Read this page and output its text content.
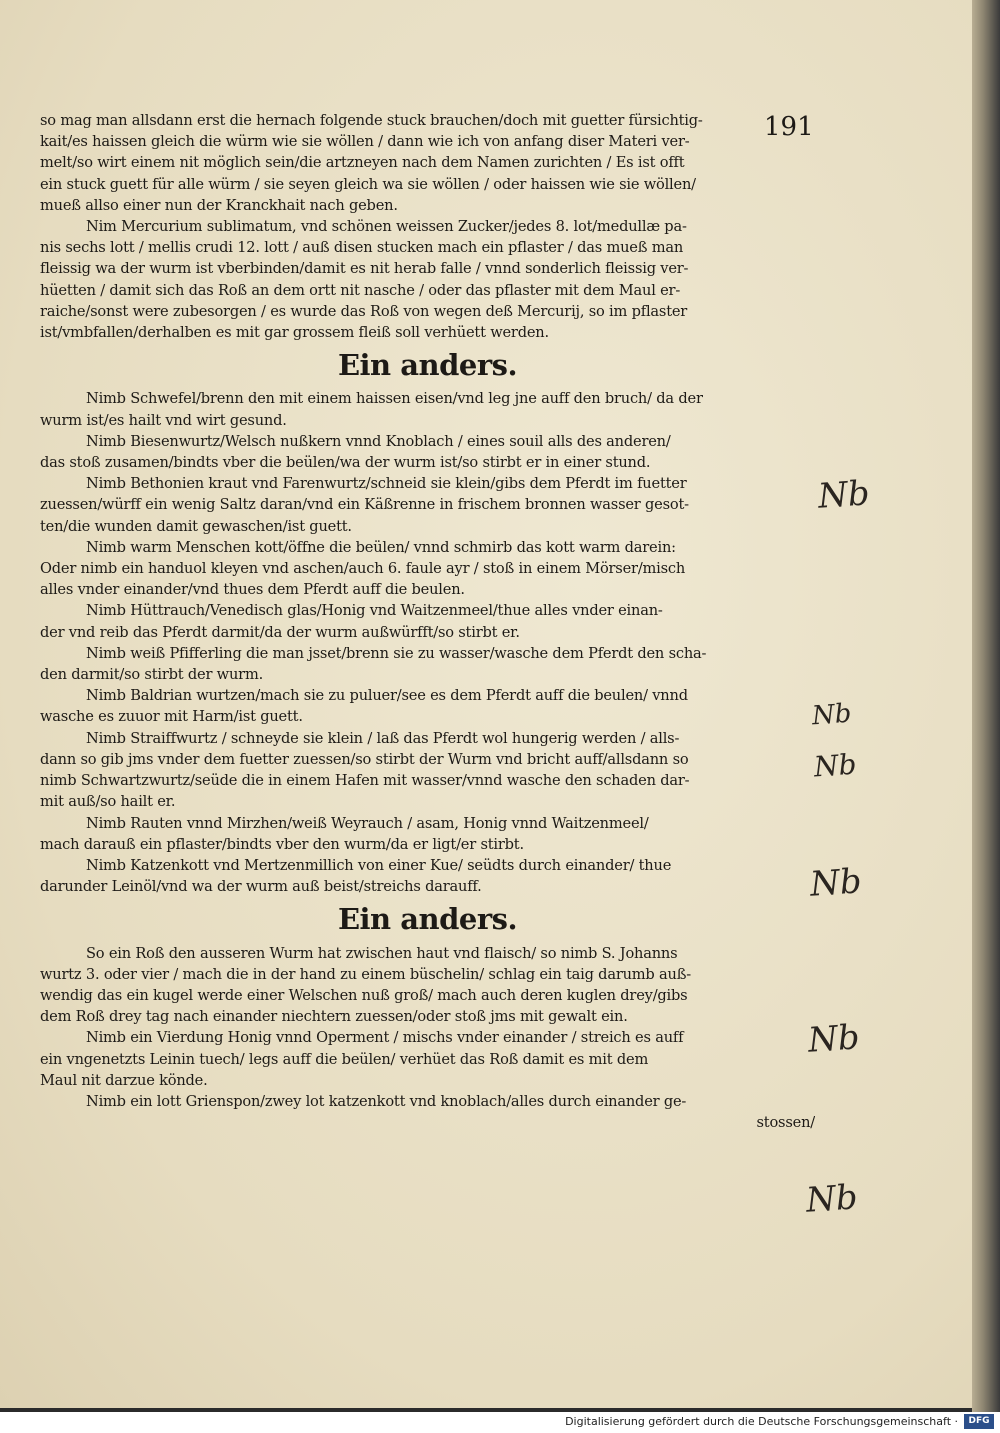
191
so mag man allsdann erst die hernach folgende stuck brauchen/doch mit guetter fürsichtig-
kait/es haissen gleich die würm wie sie wöllen / dann wie ich von anfang diser Materi ver-
melt/so wirt einem nit möglich sein/die artzneyen nach dem Namen zurichten / Es ist offt
ein stuck guett für alle würm / sie seyen gleich wa sie wöllen / oder haissen wie sie wöllen/
mueß allso einer nun der Kranckhait nach geben.
Nim Mercurium sublimatum, vnd schönen weissen Zucker/jedes 8. lot/medullæ pa-
nis sechs lott / mellis crudi 12. lott / auß disen stucken mach ein pflaster / das mueß man
fleissig wa der wurm ist vberbinden/damit es nit herab falle / vnnd sonderlich fleissig ver-
hüetten / damit sich das Roß an dem ortt nit nasche / oder das pflaster mit dem Maul er-
raiche/sonst were zubesorgen / es wurde das Roß von wegen deß Mercurij, so im pflaster
ist/vmbfallen/derhalben es mit gar grossem fleiß soll verhüett werden.
Ein anders.
Nimb Schwefel/brenn den mit einem haissen eisen/vnd leg jne auff den bruch/ da der
wurm ist/es hailt vnd wirt gesund.
Nimb Biesenwurtz/Welsch nußkern vnnd Knoblach / eines souil alls des anderen/
das stoß zusamen/bindts vber die beülen/wa der wurm ist/so stirbt er in einer stund.
Nimb Bethonien kraut vnd Farenwurtz/schneid sie klein/gibs dem Pferdt im fuetter
zuessen/würff ein wenig Saltz daran/vnd ein Käßrenne in frischem bronnen wasser gesot-
ten/die wunden damit gewaschen/ist guett.
Nimb warm Menschen kott/öffne die beülen/ vnnd schmirb das kott warm darein:
Oder nimb ein handuol kleyen vnd aschen/auch 6. faule ayr / stoß in einem Mörser/misch
alles vnder einander/vnd thues dem Pferdt auff die beulen.
Nimb Hüttrauch/Venedisch glas/Honig vnd Waitzenmeel/thue alles vnder einan-
der vnd reib das Pferdt darmit/da der wurm außwürfft/so stirbt er.
Nimb weiß Pfifferling die man jsset/brenn sie zu wasser/wasche dem Pferdt den scha-
den darmit/so stirbt der wurm.
Nimb Baldrian wurtzen/mach sie zu puluer/see es dem Pferdt auff die beulen/ vnnd
wasche es zuuor mit Harm/ist guett.
Nimb Straiffwurtz / schneyde sie klein / laß das Pferdt wol hungerig werden / alls-
dann so gib jms vnder dem fuetter zuessen/so stirbt der Wurm vnd bricht auff/allsdann so
nimb Schwartzwurtz/seüde die in einem Hafen mit wasser/vnnd wasche den schaden dar-
mit auß/so hailt er.
Nimb Rauten vnnd Mirzhen/weiß Weyrauch / asam, Honig vnnd Waitzenmeel/
mach darauß ein pflaster/bindts vber den wurm/da er ligt/er stirbt.
Nimb Katzenkott vnd Mertzenmillich von einer Kue/ seüdts durch einander/ thue
darunder Leinöl/vnd wa der wurm auß beist/streichs darauff.
Ein anders.
So ein Roß den ausseren Wurm hat zwischen haut vnd flaisch/ so nimb S. Johanns
wurtz 3. oder vier / mach die in der hand zu einem büschelin/ schlag ein taig darumb auß-
wendig das ein kugel werde einer Welschen nuß groß/ mach auch deren kuglen drey/gibs
dem Roß drey tag nach einander niechtern zuessen/oder stoß jms mit gewalt ein.
Nimb ein Vierdung Honig vnnd Operment / mischs vnder einander / streich es auff
ein vngenetzts Leinin tuech/ legs auff die beülen/ verhüet das Roß damit es mit dem
Maul nit darzue könde.
Nimb ein lott Grienspon/zwey lot katzenkott vnd knoblach/alles durch einander ge-
stossen/
Nb
Nb
Nb
Nb
Nb
Nb
Digitalisierung gefördert durch die Deutsche Forschungsgemeinschaft ·	DFG
